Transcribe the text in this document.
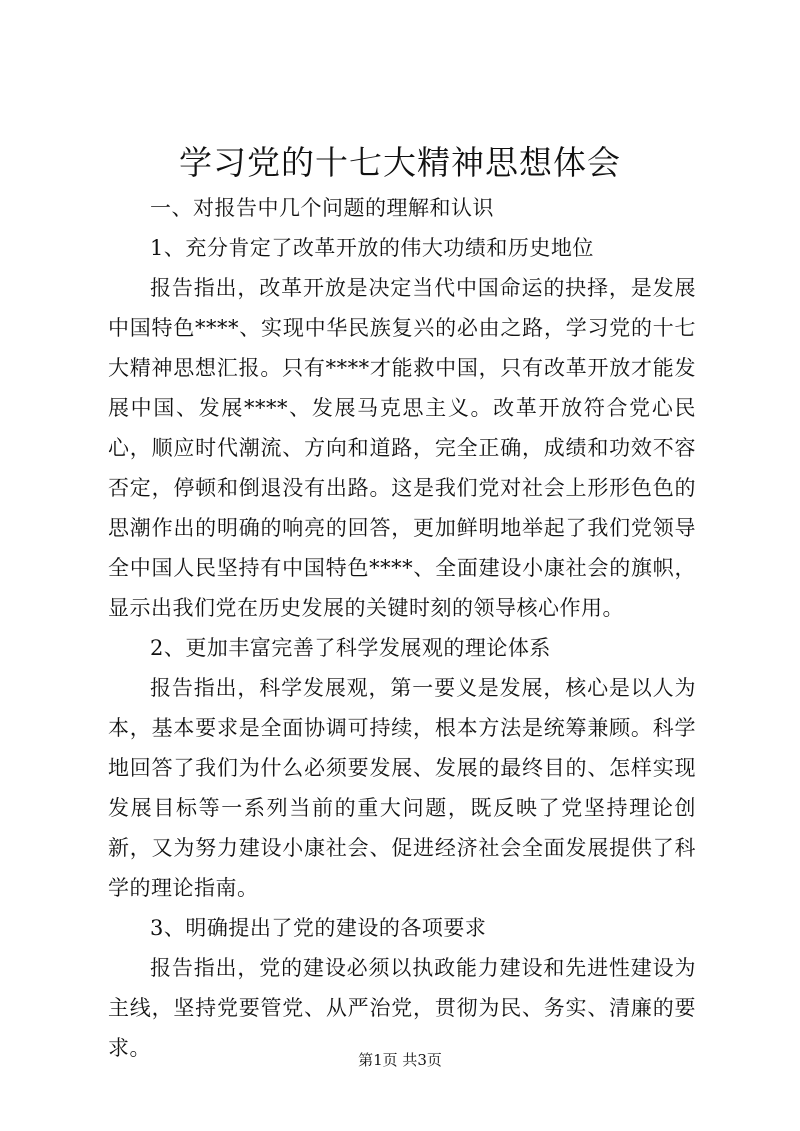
学习党的十七大精神思想体会

一、对报告中几个问题的理解和认识

1、充分肯定了改革开放的伟大功绩和历史地位

报告指出，改革开放是决定当代中国命运的抉择，是发展中国特色****、实现中华民族复兴的必由之路，学习党的十七大精神思想汇报。只有****才能救中国，只有改革开放才能发展中国、发展****、发展马克思主义。改革开放符合党心民心，顺应时代潮流、方向和道路，完全正确，成绩和功效不容否定，停顿和倒退没有出路。这是我们党对社会上形形色色的思潮作出的明确的响亮的回答，更加鲜明地举起了我们党领导全中国人民坚持有中国特色****、全面建设小康社会的旗帜，显示出我们党在历史发展的关键时刻的领导核心作用。

2、更加丰富完善了科学发展观的理论体系

报告指出，科学发展观，第一要义是发展，核心是以人为本，基本要求是全面协调可持续，根本方法是统筹兼顾。科学地回答了我们为什么必须要发展、发展的最终目的、怎样实现发展目标等一系列当前的重大问题，既反映了党坚持理论创新，又为努力建设小康社会、促进经济社会全面发展提供了科学的理论指南。

3、明确提出了党的建设的各项要求

报告指出，党的建设必须以执政能力建设和先进性建设为主线，坚持党要管党、从严治党，贯彻为民、务实、清廉的要求。	第1页 共3页
